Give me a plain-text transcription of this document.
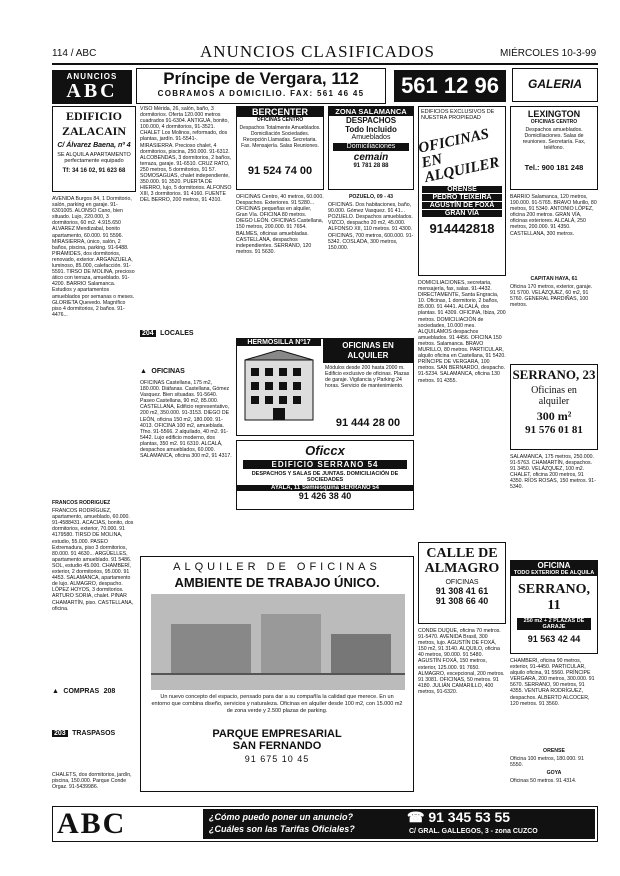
114 / ABC	ANUNCIOS CLASIFICADOS	MIÉRCOLES 10-3-99
ANUNCIOS
ABC
Príncipe de Vergara, 112
COBRAMOS A DOMICILIO. FAX: 561 46 45	561 12 96	GALERIA
EDIFICIO
ZALACAIN
C/ Álvarez Baena, nº 4
SE ALQUILA APARTAMENTO
perfectamente equipado
Tf: 34 16 02, 91 623 68
AVENIDA Burgos 84, 1 Dormitorio, salón, parking en garaje. 91-6301005. ALONSO Cano, bien situado. Lujo, 220.000, 3 dormitorios, 60 m2. 4.915.650 ALVAREZ Mendizabal, bonito apartamento, 60.000. 91 5596. MIRASIERRA, único, salón, 2 baños, piscina, parking. 91-6488. PIRÁMIDES, dos dormitorios, renovado, exterior. ARGANZUELA, luminoso, 85.000, calefacción. 91-5591. TIRSO DE MOLINA, precioso ático con terraza, amueblado. 91-4200. BARRIO Salamanca. Estudios y apartamentos amueblados por semanas o meses. GLORIETA Quevedo. Magnífico piso 4 dormitorios, 2 baños. 91-4476...

FRANCOS RODRÍGUEZ

FRANCOS RODRÍGUEZ, apartamento, amueblado, 60.000. 91-4588431. ACACIAS, bonito, dos dormitorios, exterior, 70.000. 91 4179580. TIRSO DE MOLINA, estudio, 55.000. PASEO Extremadura, piso 3 dormitorios, 80.000. 91 4630... ARGÜELLES, apartamento amueblado. 91 5486. SOL, estudio 45.000. CHAMBERÍ, exterior, 2 dormitorios, 95.000. 91 4453. SALAMANCA, apartamento de lujo. ALMAGRO, despacho. LÓPEZ HOYOS, 3 dormitorios. ARTURO SORIA, chalet. PINAR CHAMARTÍN, piso. CASTELLANA, oficina.

▲ COMPRAS 208
203 TRASPASOS
CHALETS, dos dormitorios, jardín, piscina, 150.000. Parque Conde Orgaz. 91-5439986.
VÍSO Mérida, 26, salón, baño, 3 dormitorios. Oferta 120.000 metros cuadrados 91-6304. ANTIGUA, bonito, 100.000, 4 dormitorios, 91-3521. CHALET Los Molinos, reformado, dos plantas, jardín. 91-5541-. MIRASIERRA. Precioso chalet, 4 dormitorios, piscina, 250.000. 91-6312. ALCOBENDAS, 3 dormitorios, 2 baños, terraza, garaje. 91-6510. CRUZ RATO, 250 metros, 5 dormitorios, 91 57. SOMOSAGUAS, chalet independiente, 350.000. 91 3520. PUERTA DE HIERRO, lujo, 5 dormitorios. ALFONSO XIII, 3 dormitorios. 91 4160. FUENTE DEL BERRO, 200 metros, 91 4310.
204 LOCALES
▲ OFICINAS
OFICINAS Castellana, 175 m2, 180.000. Diáfanas. Castellana, Gómez Vasquez. Bien situadas. 91-5640. Paseo Castellana, 90 m2, 85.000. CASTELLANA, Edificio representativo, 200 m2, 350.000. 91-3153. DIEGO DE LEÓN, oficina 150 m2, 180.000. 91-4013. OFICINA 100 m2, amueblada. Tfno. 91-5566. 2 alquilado, 40 m2. 91-5442. Lujo edificio moderno, dos plantas, 350 m2. 91 6310. ALCALÁ, despachos amueblados, 60.000. SALAMANCA, oficina 300 m2, 91 4317.
BERCENTER
OFICINAS CENTRO
Despachos Totalmente Amueblados. Domiciliación Sociedades. Recepción Llamadas. Secretaria. Fax. Mensajería. Salas Reuniones.
91 524 74 00
ZONA SALAMANCA
DESPACHOS
Todo Incluido
Amueblados
Domiciliaciones
cemain
91 781 28 88
OFICINAS Centro, 40 metros, 60.000. Despachos. Exteriores. 91 5280... OFICINAS pequeñas en alquiler, Gran Vía. OFICINA 80 metros. DIEGO LEÓN. OFICINAS Castellana, 150 metros, 200.000. 91 7654. BALMES, oficinas amuebladas. CASTELLANA, despachos independientes. SERRANO, 120 metros. 91 5630.

POZUELO, 09 - 43

OFICINAS. Dos habitaciones, baño, 90.000. Gómez Vasquez. 91 41... POZUELO. Despachos amueblados. VIZCO, despacho 20 m2, 45.000. ALFONSO XII, 110 metros. 91 4300. OFICINAS, 700 metros, 600.000. 91-5342. COSLADA, 300 metros, 150.000.

HERMOSILLA Nº17	OFICINAS EN ALQUILER
Módulos desde 200 hasta 2000 m. Edificio exclusivo de oficinas. Plazas de garaje. Vigilancia y Parking 24 horas. Servicio de mantenimiento.
91 444 28 00
Oficcx
EDIFICIO SERRANO 54
DESPACHOS Y SALAS DE JUNTAS. DOMICILIACIÓN DE SOCIEDADES
AYALA, 11 Semiesquina SERRANO 54
91 426 38 40
ALQUILER DE OFICINAS
AMBIENTE DE TRABAJO ÚNICO.
Un nuevo concepto del espacio, pensado para dar a su compañía la calidad que merece. En un entorno que combina diseño, servicios y naturaleza. Oficinas en alquiler desde 100 m2, con 15.000 m2 de zona verde y 2.500 plazas de parking.
PARQUE EMPRESARIAL
SAN FERNANDO
91 675 10 45
EDIFICIOS EXCLUSIVOS DE NUESTRA PROPIEDAD
OFICINAS EN ALQUILER
ORENSE
PEDRO TEIXEIRA
AGUSTÍN DE FOXÁ
GRAN VÍA
914442818
DOMICILIACIONES, secretaria, mensajería, fax, salas. 91-4432. DIRECTAMENTE, Santa Engracia, 10. Oficinas, 1 dormitorio, 2 baños, 85.000. 91 4441. ALCALÁ, dos plantas. 91 4309. OFICINA, Ibiza, 200 metros. DOMICILIACIÓN de sociedades, 10.000 mes. ALQUILAMOS despachos amueblados. 91 4456. OFICINA 150 metros. Salamanca. BRAVO MURILLO, 80 metros. PARTICULAR, alquilo oficina en Castellana, 91 5420. PRÍNCIPE DE VERGARA, 100 metros. SAN BERNARDO, despacho. 91-5234. SALAMANCA, oficina 130 metros. 91 4355.
CALLE DE
ALMAGRO
OFICINAS
91 308 41 61
91 308 66 40
CONDE DUQUE, oficina 70 metros. 91-5470. AVENIDA Brasil, 300 metros, lujo. AGUSTÍN DE FOXÁ, 150 m2, 91 3140. ALQUILO, oficina 40 metros, 90.000. 91 5480. AGUSTÍN FOXÁ, 150 metros, exterior, 125.000. 91 7650. ALMAGRO, excepcional, 200 metros. 91 3081. OFICINAS, 50 metros. 91 4180. JULIÁN CAMARILLO, 400 metros, 91-6320.
LEXINGTON
OFICINAS CENTRO
Despachos amueblados. Domiciliaciones. Salas de reuniones. Secretaría. Fax, teléfono.
Tel.: 900 181 248
BARRIO Salamanca, 120 metros, 190.000. 91-5765. BRAVO Murillo, 80 metros, 91 5340. ANTONIO LÓPEZ, oficina 200 metros. GRAN VÍA, oficinas exteriores. ALCALÁ, 250 metros, 200.000. 91 4350. CASTELLANA, 300 metros.

CAPITÁN HAYA, 61

Oficina 170 metros, exterior, garaje. 91 5700. VELÁZQUEZ, 60 m2, 91 5760. GENERAL PARDIÑAS, 100 metros.

SERRANO, 23
Oficinas en alquiler
300 m²
91 576 01 81
SALAMANCA, 175 metros, 250.000. 91-5763. CHAMARTÍN, despachos. 91 3450. VELÁZQUEZ, 100 m2. CHALET, oficina 200 metros, 91 4350. RÍOS ROSAS, 150 metros. 91-5340.
OFICINA
TODO EXTERIOR DE ALQUILA
SERRANO, 11
250 m2 + 2 PLAZAS DE GARAJE
91 563 42 44
CHAMBERÍ, oficina 90 metros, exterior, 91-4450. PARTICULAR, alquilo oficina, 91 5560. PRÍNCIPE VERGARA, 200 metros, 300.000. 91 5670. SERRANO, 90 metros, 91 4355. VENTURA RODRÍGUEZ, despachos. ALBERTO ALCOCER, 120 metros. 91 3560.

ORENSE

Oficina 100 metros, 180.000. 91 5550.

GOYA

Oficinas 50 metros. 91 4314.

ABC	¿Cómo puedo poner un anuncio?
¿Cuáles son las Tarifas Oficiales?
☎ 91 345 53 55
C/ GRAL. GALLEGOS, 3 - zona CUZCO
